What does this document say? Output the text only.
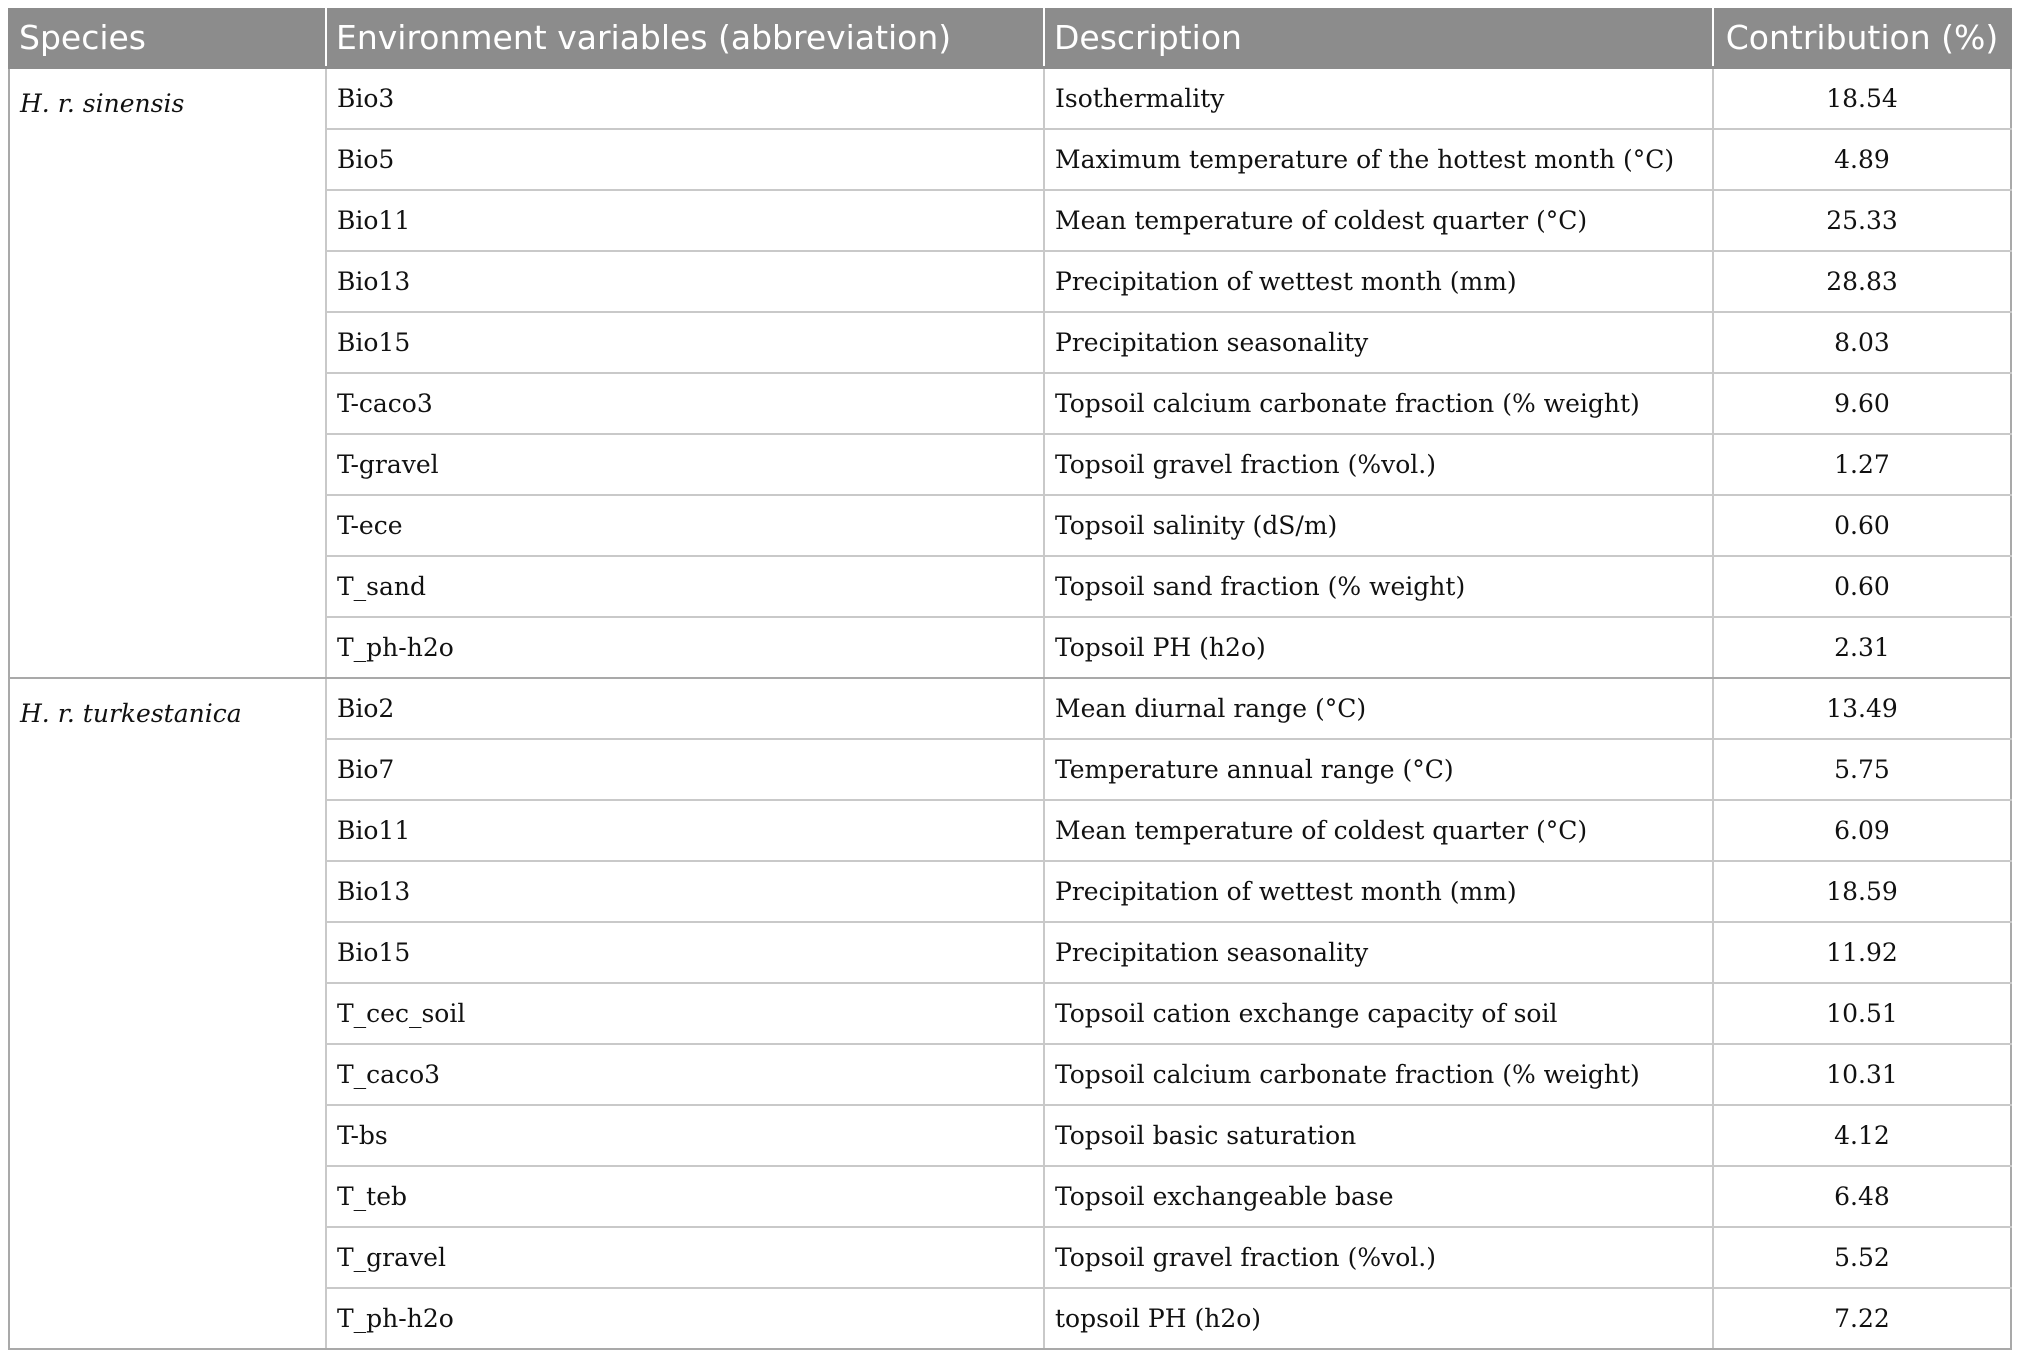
Species	Environment variables (abbreviation)	Description	Contribution (%)
H. r. sinensis	Bio3	Isothermality	18.54
	Bio5	Maximum temperature of the hottest month (°C)	4.89
	Bio11	Mean temperature of coldest quarter (°C)	25.33
	Bio13	Precipitation of wettest month (mm)	28.83
	Bio15	Precipitation seasonality	8.03
	T-caco3	Topsoil calcium carbonate fraction (% weight)	9.60
	T-gravel	Topsoil gravel fraction (%vol.)	1.27
	T-ece	Topsoil salinity (dS/m)	0.60
	T_sand	Topsoil sand fraction (% weight)	0.60
	T_ph-h2o	Topsoil PH (h2o)	2.31
H. r. turkestanica	Bio2	Mean diurnal range (°C)	13.49
	Bio7	Temperature annual range (°C)	5.75
	Bio11	Mean temperature of coldest quarter (°C)	6.09
	Bio13	Precipitation of wettest month (mm)	18.59
	Bio15	Precipitation seasonality	11.92
	T_cec_soil	Topsoil cation exchange capacity of soil	10.51
	T_caco3	Topsoil calcium carbonate fraction (% weight)	10.31
	T-bs	Topsoil basic saturation	4.12
	T_teb	Topsoil exchangeable base	6.48
	T_gravel	Topsoil gravel fraction (%vol.)	5.52
	T_ph-h2o	topsoil PH (h2o)	7.22
